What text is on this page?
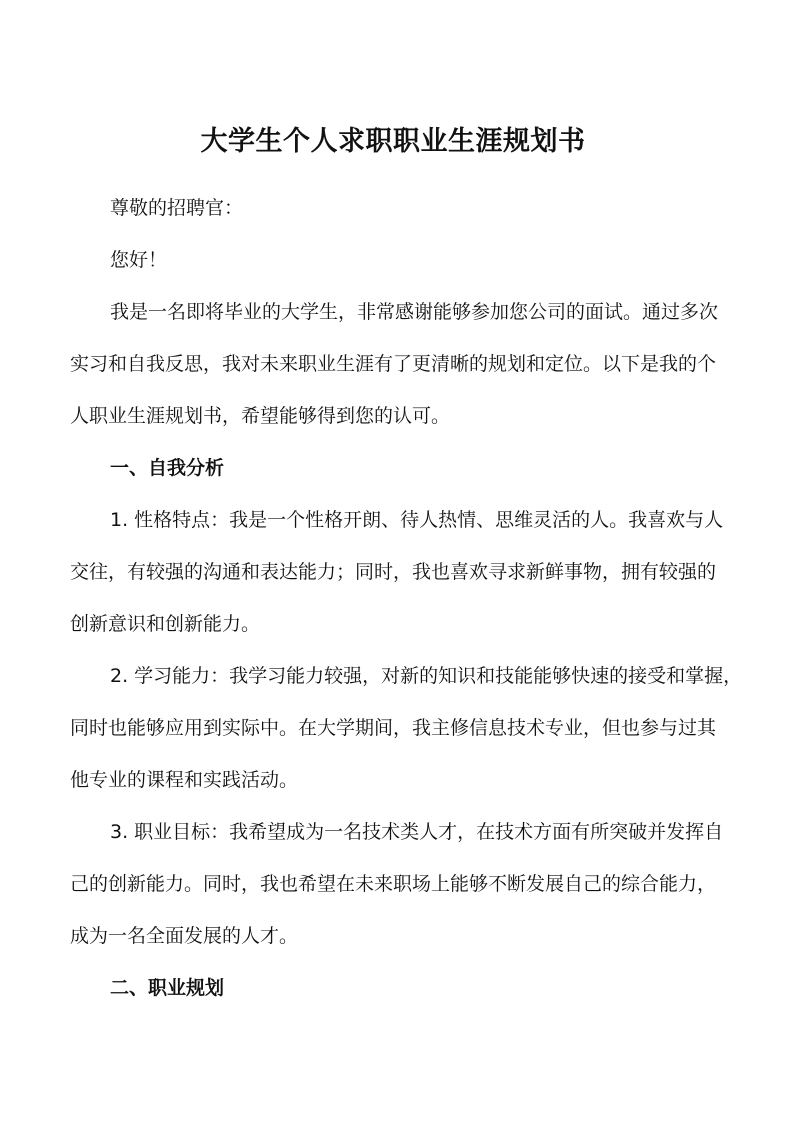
大学生个人求职职业生涯规划书

尊敬的招聘官：

您好！

我是一名即将毕业的大学生，非常感谢能够参加您公司的面试。通过多次

实习和自我反思，我对未来职业生涯有了更清晰的规划和定位。以下是我的个

人职业生涯规划书，希望能够得到您的认可。

一、自我分析

1. 性格特点：我是一个性格开朗、待人热情、思维灵活的人。我喜欢与人

交往，有较强的沟通和表达能力；同时，我也喜欢寻求新鲜事物，拥有较强的

创新意识和创新能力。

2. 学习能力：我学习能力较强，对新的知识和技能能够快速的接受和掌握，

同时也能够应用到实际中。在大学期间，我主修信息技术专业，但也参与过其

他专业的课程和实践活动。

3. 职业目标：我希望成为一名技术类人才，在技术方面有所突破并发挥自

己的创新能力。同时，我也希望在未来职场上能够不断发展自己的综合能力，

成为一名全面发展的人才。

二、职业规划
